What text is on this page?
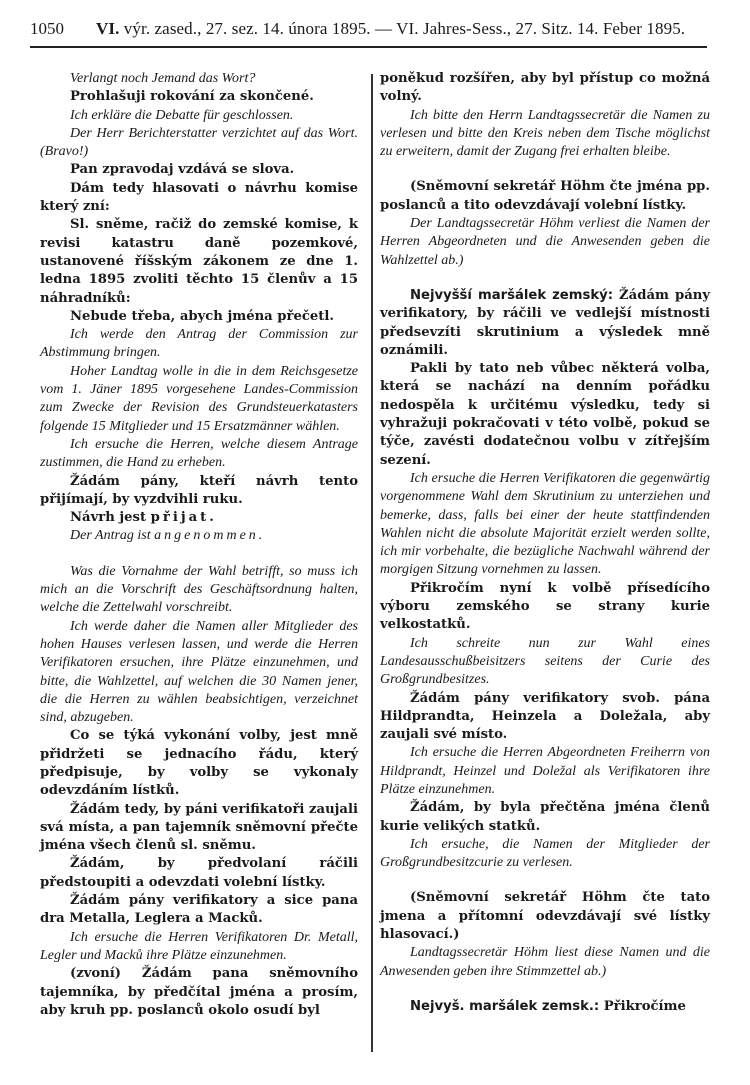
1050 VI. výr. zased., 27. sez. 14. února 1895. — VI. Jahres-Sess., 27. Sitz. 14. Feber 1895.

Verlangt noch Jemand das Wort?

Prohlašuji rokování za skončené.

Ich erkläre die Debatte für geschlossen.

Der Herr Berichterstatter verzichtet auf das Wort. (Bravo!)

Pan zpravodaj vzdává se slova.

Dám tedy hlasovati o návrhu komise který zní:

Sl. sněme, račiž do zemské komise, k revisi katastru daně pozemkové, ustanovené říšským zákonem ze dne 1. ledna 1895 zvoliti těchto 15 členův a 15 náhradníků:

Nebude třeba, abych jména přečetl.

Ich werde den Antrag der Commission zur Abstimmung bringen.

Hoher Landtag wolle in die in dem Reichsgesetze vom 1. Jäner 1895 vorgesehene Landes-Commission zum Zwecke der Revision des Grundsteuerkatasters folgende 15 Mitglieder und 15 Ersatzmänner wählen.

Ich ersuche die Herren, welche diesem Antrage zustimmen, die Hand zu erheben.

Žádám pány, kteří návrh tento přijímají, by vyzdvihli ruku.

Návrh jest přijat.

Der Antrag ist angenommen.

Was die Vornahme der Wahl betrifft, so muss ich mich an die Vorschrift des Geschäftsordnung halten, welche die Zettelwahl vorschreibt.

Ich werde daher die Namen aller Mitglieder des hohen Hauses verlesen lassen, und werde die Herren Verifikatoren ersuchen, ihre Plätze einzunehmen, und bitte, die Wahlzettel, auf welchen die 30 Namen jener, die die Herren zu wählen beabsichtigen, verzeichnet sind, abzugeben.

Co se týká vykonání volby, jest mně přidržeti se jednacího řádu, který předpisuje, by volby se vykonaly odevzdáním lístků.

Žádám tedy, by páni verifikatoři zaujali svá místa, a pan tajemník sněmovní přečte jména všech členů sl. sněmu.

Žádám, by předvolaní ráčili předstoupiti a odevzdati volební lístky.

Žádám pány verifikatory a sice pana dra Metalla, Leglera a Macků.

Ich ersuche die Herren Verifikatoren Dr. Metall, Legler und Macků ihre Plätze einzunehmen.

(zvoní) Žádám pana sněmovního tajemníka, by předčítal jména a prosím, aby kruh pp. poslanců okolo osudí byl

poněkud rozšířen, aby byl přístup co možná volný.

Ich bitte den Herrn Landtagssecretär die Namen zu verlesen und bitte den Kreis neben dem Tische möglichst zu erweitern, damit der Zugang frei erhalten bleibe.

(Sněmovní sekretář Höhm čte jména pp. poslanců a tito odevzdávají volební lístky.

Der Landtagssecretär Höhm verliest die Namen der Herren Abgeordneten und die Anwesenden geben die Wahlzettel ab.)

Nejvyšší maršálek zemský: Žádám pány verifikatory, by ráčili ve vedlejší místnosti předsevzíti skrutinium a výsledek mně oznámili.

Pakli by tato neb vůbec některá volba, která se nachází na denním pořádku nedospěla k určitému výsledku, tedy si vyhražuji pokračovati v této volbě, pokud se týče, zavésti dodatečnou volbu v zítřejším sezení.

Ich ersuche die Herren Verifikatoren die gegenwärtig vorgenommene Wahl dem Skrutinium zu unterziehen und bemerke, dass, falls bei einer der heute stattfindenden Wahlen nicht die absolute Majorität erzielt werden sollte, ich mir vorbehalte, die bezügliche Nachwahl während der morgigen Sitzung vornehmen zu lassen.

Přikročím nyní k volbě přísedícího výboru zemského se strany kurie velkostatků.

Ich schreite nun zur Wahl eines Landesausschußbeisitzers seitens der Curie des Großgrundbesitzes.

Žádám pány verifikatory svob. pána Hildprandta, Heinzela a Doležala, aby zaujali své místo.

Ich ersuche die Herren Abgeordneten Freiherrn von Hildprandt, Heinzel und Doležal als Verifikatoren ihre Plätze einzunehmen.

Žádám, by byla přečtěna jména členů kurie velikých statků.

Ich ersuche, die Namen der Mitglieder der Großgrundbesitzcurie zu verlesen.

(Sněmovní sekretář Höhm čte tato jmena a přítomní odevzdávají své lístky hlasovací.)

Landtagssecretär Höhm liest diese Namen und die Anwesenden geben ihre Stimmzettel ab.)

Nejvyš. maršálek zemsk.: Přikročíme
